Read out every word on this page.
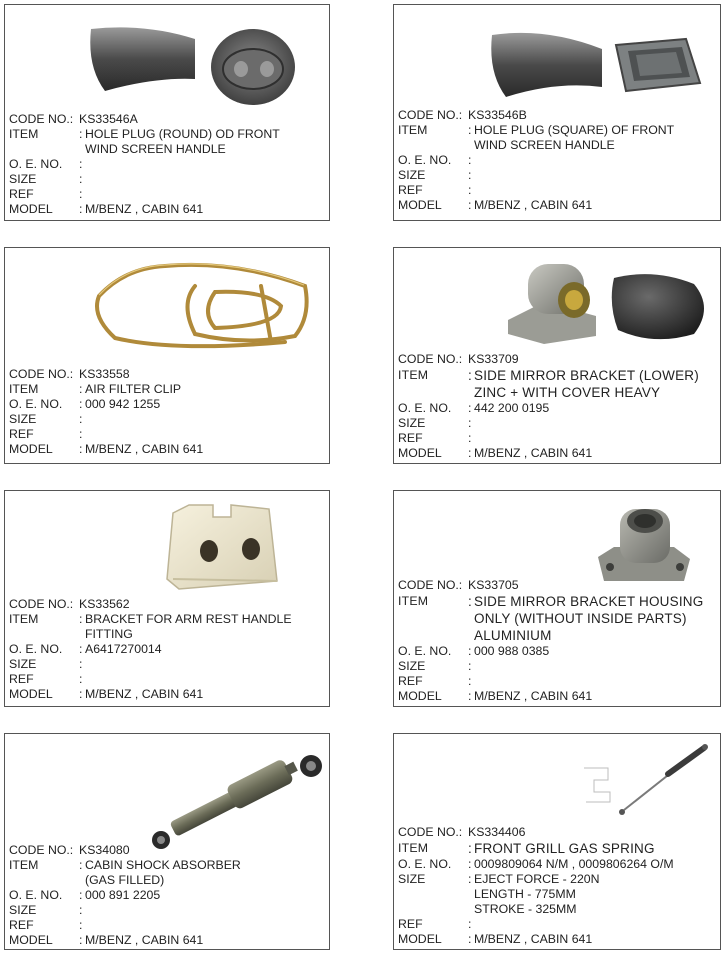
CODE NO.: KS33546A
ITEM	: HOLE PLUG (ROUND) OD FRONT
WIND SCREEN HANDLE
O. E. NO.	:
SIZE	:
REF	:
MODEL	: M/BENZ , CABIN 641
CODE NO.: KS33546B
ITEM	: HOLE PLUG (SQUARE) OF FRONT
WIND SCREEN HANDLE
O. E. NO.	:
SIZE	:
REF	:
MODEL	: M/BENZ , CABIN 641
CODE NO.: KS33558
ITEM	: AIR FILTER CLIP
O. E. NO.	: 000 942 1255
SIZE	:
REF	:
MODEL	: M/BENZ , CABIN 641
CODE NO.: KS33709
ITEM	: SIDE MIRROR BRACKET (LOWER)
ZINC + WITH COVER HEAVY
O. E. NO.	: 442 200 0195
SIZE	:
REF	:
MODEL	: M/BENZ , CABIN 641
CODE NO.: KS33562
ITEM	: BRACKET FOR ARM REST HANDLE
FITTING
O. E. NO.	: A6417270014
SIZE	:
REF	:
MODEL	: M/BENZ , CABIN 641
CODE NO.: KS33705
ITEM	: SIDE MIRROR BRACKET HOUSING
ONLY (WITHOUT INSIDE PARTS)
ALUMINIUM
O. E. NO.	: 000 988 0385
SIZE	:
REF	:
MODEL	: M/BENZ , CABIN 641
CODE NO.: KS34080
ITEM	: CABIN SHOCK ABSORBER
(GAS FILLED)
O. E. NO.	: 000 891 2205
SIZE	:
REF	:
MODEL	: M/BENZ , CABIN 641
CODE NO.: KS334406
ITEM	: FRONT GRILL GAS SPRING
O. E. NO.	: 0009809064 N/M , 0009806264 O/M
SIZE	: EJECT FORCE - 220N
LENGTH - 775MM
STROKE - 325MM
REF	:
MODEL	: M/BENZ , CABIN 641
